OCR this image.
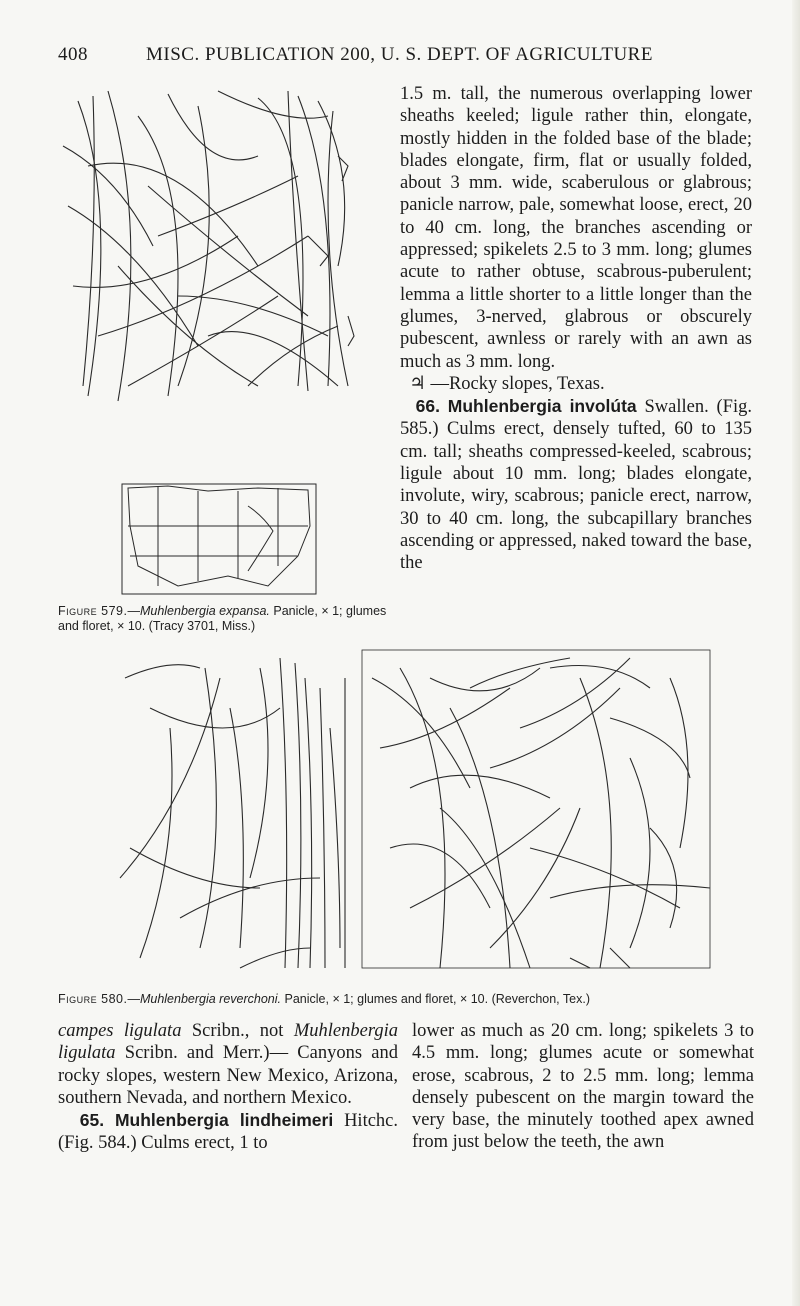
408	MISC. PUBLICATION 200, U. S. DEPT. OF AGRICULTURE
Figure 579.—Muhlenbergia expansa. Panicle, × 1; glumes and floret, × 10. (Tracy 3701, Miss.)

1.5 m. tall, the numerous overlapping lower sheaths keeled; ligule rather thin, elongate, mostly hidden in the folded base of the blade; blades elongate, firm, flat or usually folded, about 3 mm. wide, scaberulous or glabrous; panicle narrow, pale, somewhat loose, erect, 20 to 40 cm. long, the branches ascending or appressed; spikelets 2.5 to 3 mm. long; glumes acute to rather obtuse, scabrous-puberulent; lemma a little shorter to a little longer than the glumes, 3-nerved, glabrous or obscurely pubescent, awnless or rarely with an awn as much as 3 mm. long.

♃ —Rocky slopes, Texas.

66. Muhlenbergia involúta Swallen. (Fig. 585.) Culms erect, densely tufted, 60 to 135 cm. tall; sheaths compressed-keeled, scabrous; ligule about 10 mm. long; blades elongate, involute, wiry, scabrous; panicle erect, narrow, 30 to 40 cm. long, the subcapillary branches ascending or appressed, naked toward the base, the

Figure 580.—Muhlenbergia reverchoni. Panicle, × 1; glumes and floret, × 10. (Reverchon, Tex.)

campes ligulata Scribn., not Muhlenbergia ligulata Scribn. and Merr.)— Canyons and rocky slopes, western New Mexico, Arizona, southern Nevada, and northern Mexico.

65. Muhlenbergia lindheimeri Hitchc. (Fig. 584.) Culms erect, 1 to

lower as much as 20 cm. long; spikelets 3 to 4.5 mm. long; glumes acute or somewhat erose, scabrous, 2 to 2.5 mm. long; lemma densely pubescent on the margin toward the very base, the minutely toothed apex awned from just below the teeth, the awn
